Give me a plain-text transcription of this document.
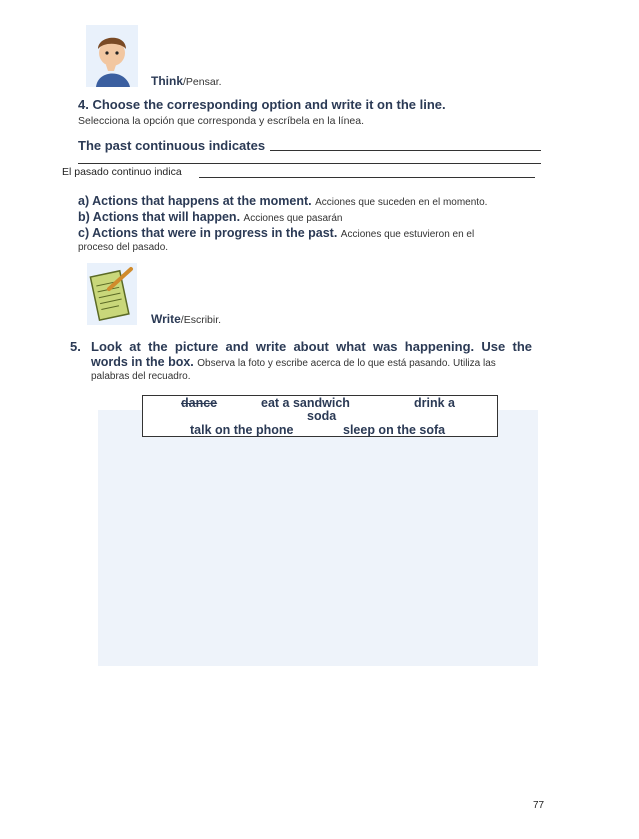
Think/Pensar.
4. Choose the corresponding option and write it on the line.
Selecciona la opción que corresponda y escríbela en la línea.
The past continuous indicates
El pasado continuo indica
a) Actions that happens at the moment. Acciones que suceden en el momento.
b) Actions that will happen. Acciones que pasarán
c) Actions that were in progress in the past. Acciones que estuvieron en el
proceso del pasado.
Write/Escribir.
5. Look at the picture and write about what was happening. Use the
words in the box. Observa la foto y escribe acerca de lo que está pasando. Utiliza las
palabras del recuadro.
dance	eat a sandwich	drink a
soda
talk on the phone	sleep on the sofa
77
